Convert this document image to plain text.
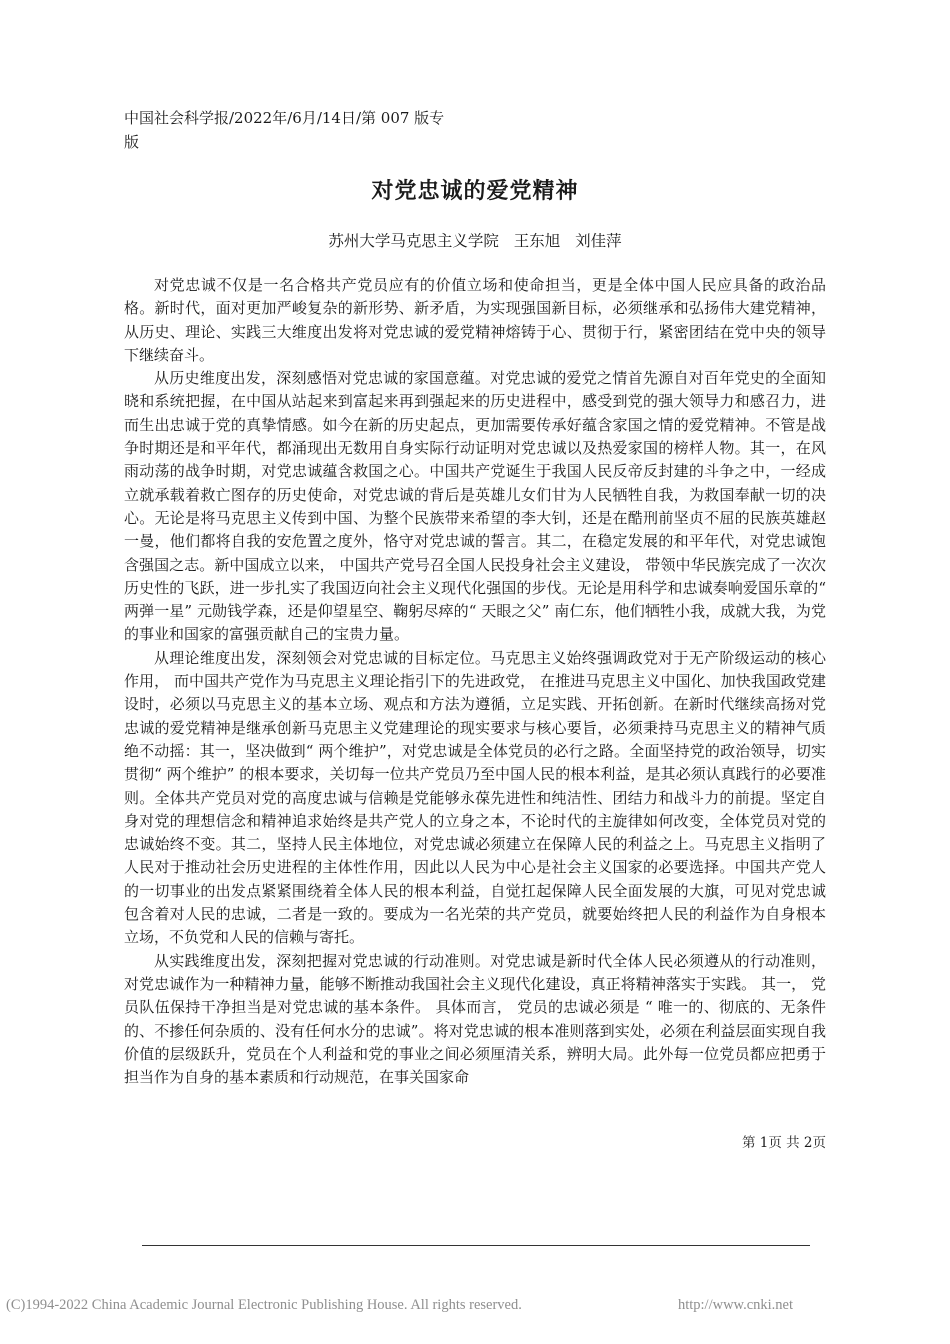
中国社会科学报/2022年/6月/14日/第 007 版专版

对党忠诚的爱党精神

苏州大学马克思主义学院 王东旭 刘佳萍

对党忠诚不仅是一名合格共产党员应有的价值立场和使命担当，更是全体中国人民应具备的政治品格。新时代，面对更加严峻复杂的新形势、新矛盾，为实现强国新目标，必须继承和弘扬伟大建党精神，从历史、理论、实践三大维度出发将对党忠诚的爱党精神熔铸于心、贯彻于行，紧密团结在党中央的领导下继续奋斗。

从历史维度出发，深刻感悟对党忠诚的家国意蕴。对党忠诚的爱党之情首先源自对百年党史的全面知晓和系统把握，在中国从站起来到富起来再到强起来的历史进程中，感受到党的强大领导力和感召力，进而生出忠诚于党的真挚情感。如今在新的历史起点，更加需要传承好蕴含家国之情的爱党精神。不管是战争时期还是和平年代，都涌现出无数用自身实际行动证明对党忠诚以及热爱家国的榜样人物。其一，在风雨动荡的战争时期，对党忠诚蕴含救国之心。中国共产党诞生于我国人民反帝反封建的斗争之中，一经成立就承载着救亡图存的历史使命，对党忠诚的背后是英雄儿女们甘为人民牺牲自我，为救国奉献一切的决心。无论是将马克思主义传到中国、为整个民族带来希望的李大钊，还是在酷刑前坚贞不屈的民族英雄赵一曼，他们都将自我的安危置之度外，恪守对党忠诚的誓言。其二，在稳定发展的和平年代，对党忠诚饱含强国之志。新中国成立以来， 中国共产党号召全国人民投身社会主义建设， 带领中华民族完成了一次次历史性的飞跃，进一步扎实了我国迈向社会主义现代化强国的步伐。无论是用科学和忠诚奏响爱国乐章的“ 两弹一星” 元勋钱学森，还是仰望星空、鞠躬尽瘁的“ 天眼之父” 南仁东，他们牺牲小我，成就大我，为党的事业和国家的富强贡献自己的宝贵力量。

从理论维度出发，深刻领会对党忠诚的目标定位。马克思主义始终强调政党对于无产阶级运动的核心作用， 而中国共产党作为马克思主义理论指引下的先进政党， 在推进马克思主义中国化、加快我国政党建设时，必须以马克思主义的基本立场、观点和方法为遵循，立足实践、开拓创新。在新时代继续高扬对党忠诚的爱党精神是继承创新马克思主义党建理论的现实要求与核心要旨，必须秉持马克思主义的精神气质绝不动摇：其一，坚决做到“ 两个维护”，对党忠诚是全体党员的必行之路。全面坚持党的政治领导，切实贯彻“ 两个维护” 的根本要求，关切每一位共产党员乃至中国人民的根本利益，是其必须认真践行的必要准则。全体共产党员对党的高度忠诚与信赖是党能够永葆先进性和纯洁性、团结力和战斗力的前提。坚定自身对党的理想信念和精神追求始终是共产党人的立身之本，不论时代的主旋律如何改变，全体党员对党的忠诚始终不变。其二，坚持人民主体地位，对党忠诚必须建立在保障人民的利益之上。马克思主义指明了人民对于推动社会历史进程的主体性作用，因此以人民为中心是社会主义国家的必要选择。中国共产党人的一切事业的出发点紧紧围绕着全体人民的根本利益，自觉扛起保障人民全面发展的大旗，可见对党忠诚包含着对人民的忠诚，二者是一致的。要成为一名光荣的共产党员，就要始终把人民的利益作为自身根本立场，不负党和人民的信赖与寄托。

从实践维度出发，深刻把握对党忠诚的行动准则。对党忠诚是新时代全体人民必须遵从的行动准则，对党忠诚作为一种精神力量，能够不断推动我国社会主义现代化建设，真正将精神落实于实践。 其一， 党员队伍保持干净担当是对党忠诚的基本条件。 具体而言， 党员的忠诚必须是 “ 唯一的、彻底的、无条件的、不掺任何杂质的、没有任何水分的忠诚”。将对党忠诚的根本准则落到实处，必须在利益层面实现自我价值的层级跃升，党员在个人利益和党的事业之间必须厘清关系，辨明大局。此外每一位党员都应把勇于担当作为自身的基本素质和行动规范，在事关国家命

第 1页 共 2页

(C)1994-2022 China Academic Journal Electronic Publishing House. All rights reserved.	http://www.cnki.net
